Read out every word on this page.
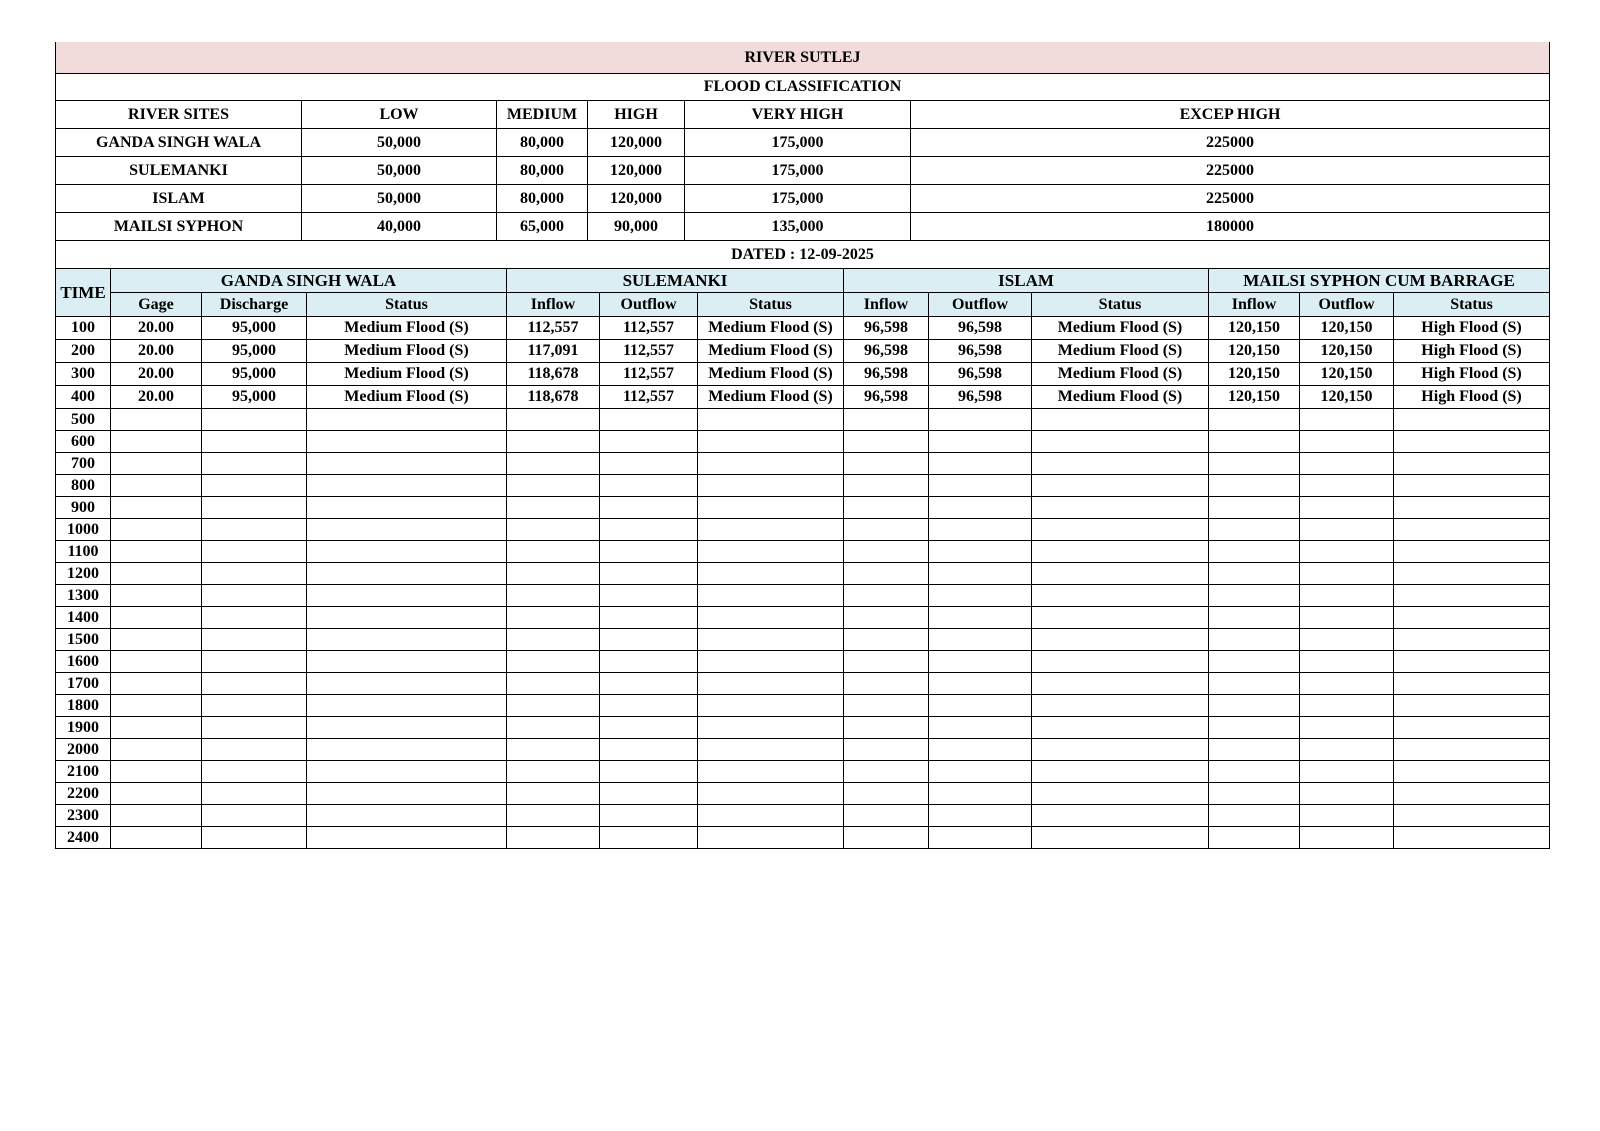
RIVER SUTLEJ					
FLOOD CLASSIFICATION					
RIVER SITES	LOW	MEDIUM	HIGH	VERY HIGH	EXCEP HIGH
GANDA SINGH WALA	50,000	80,000	120,000	175,000	225000
SULEMANKI	50,000	80,000	120,000	175,000	225000
ISLAM	50,000	80,000	120,000	175,000	225000
MAILSI SYPHON	40,000	65,000	90,000	135,000	180000
DATED : 12-09-2025					
TIME	GANDA SINGH WALA			SULEMANKI			ISLAM			MAILSI SYPHON CUM BARRAGE		
	Gage	Discharge	Status	Inflow	Outflow	Status	Inflow	Outflow	Status	Inflow	Outflow	Status
100	20.00	95,000	Medium Flood (S)	112,557	112,557	Medium Flood (S)	96,598	96,598	Medium Flood (S)	120,150	120,150	High Flood (S)
200	20.00	95,000	Medium Flood (S)	117,091	112,557	Medium Flood (S)	96,598	96,598	Medium Flood (S)	120,150	120,150	High Flood (S)
300	20.00	95,000	Medium Flood (S)	118,678	112,557	Medium Flood (S)	96,598	96,598	Medium Flood (S)	120,150	120,150	High Flood (S)
400	20.00	95,000	Medium Flood (S)	118,678	112,557	Medium Flood (S)	96,598	96,598	Medium Flood (S)	120,150	120,150	High Flood (S)
500												
600												
700												
800												
900												
1000												
1100												
1200												
1300												
1400												
1500												
1600												
1700												
1800												
1900												
2000												
2100												
2200												
2300												
2400												
